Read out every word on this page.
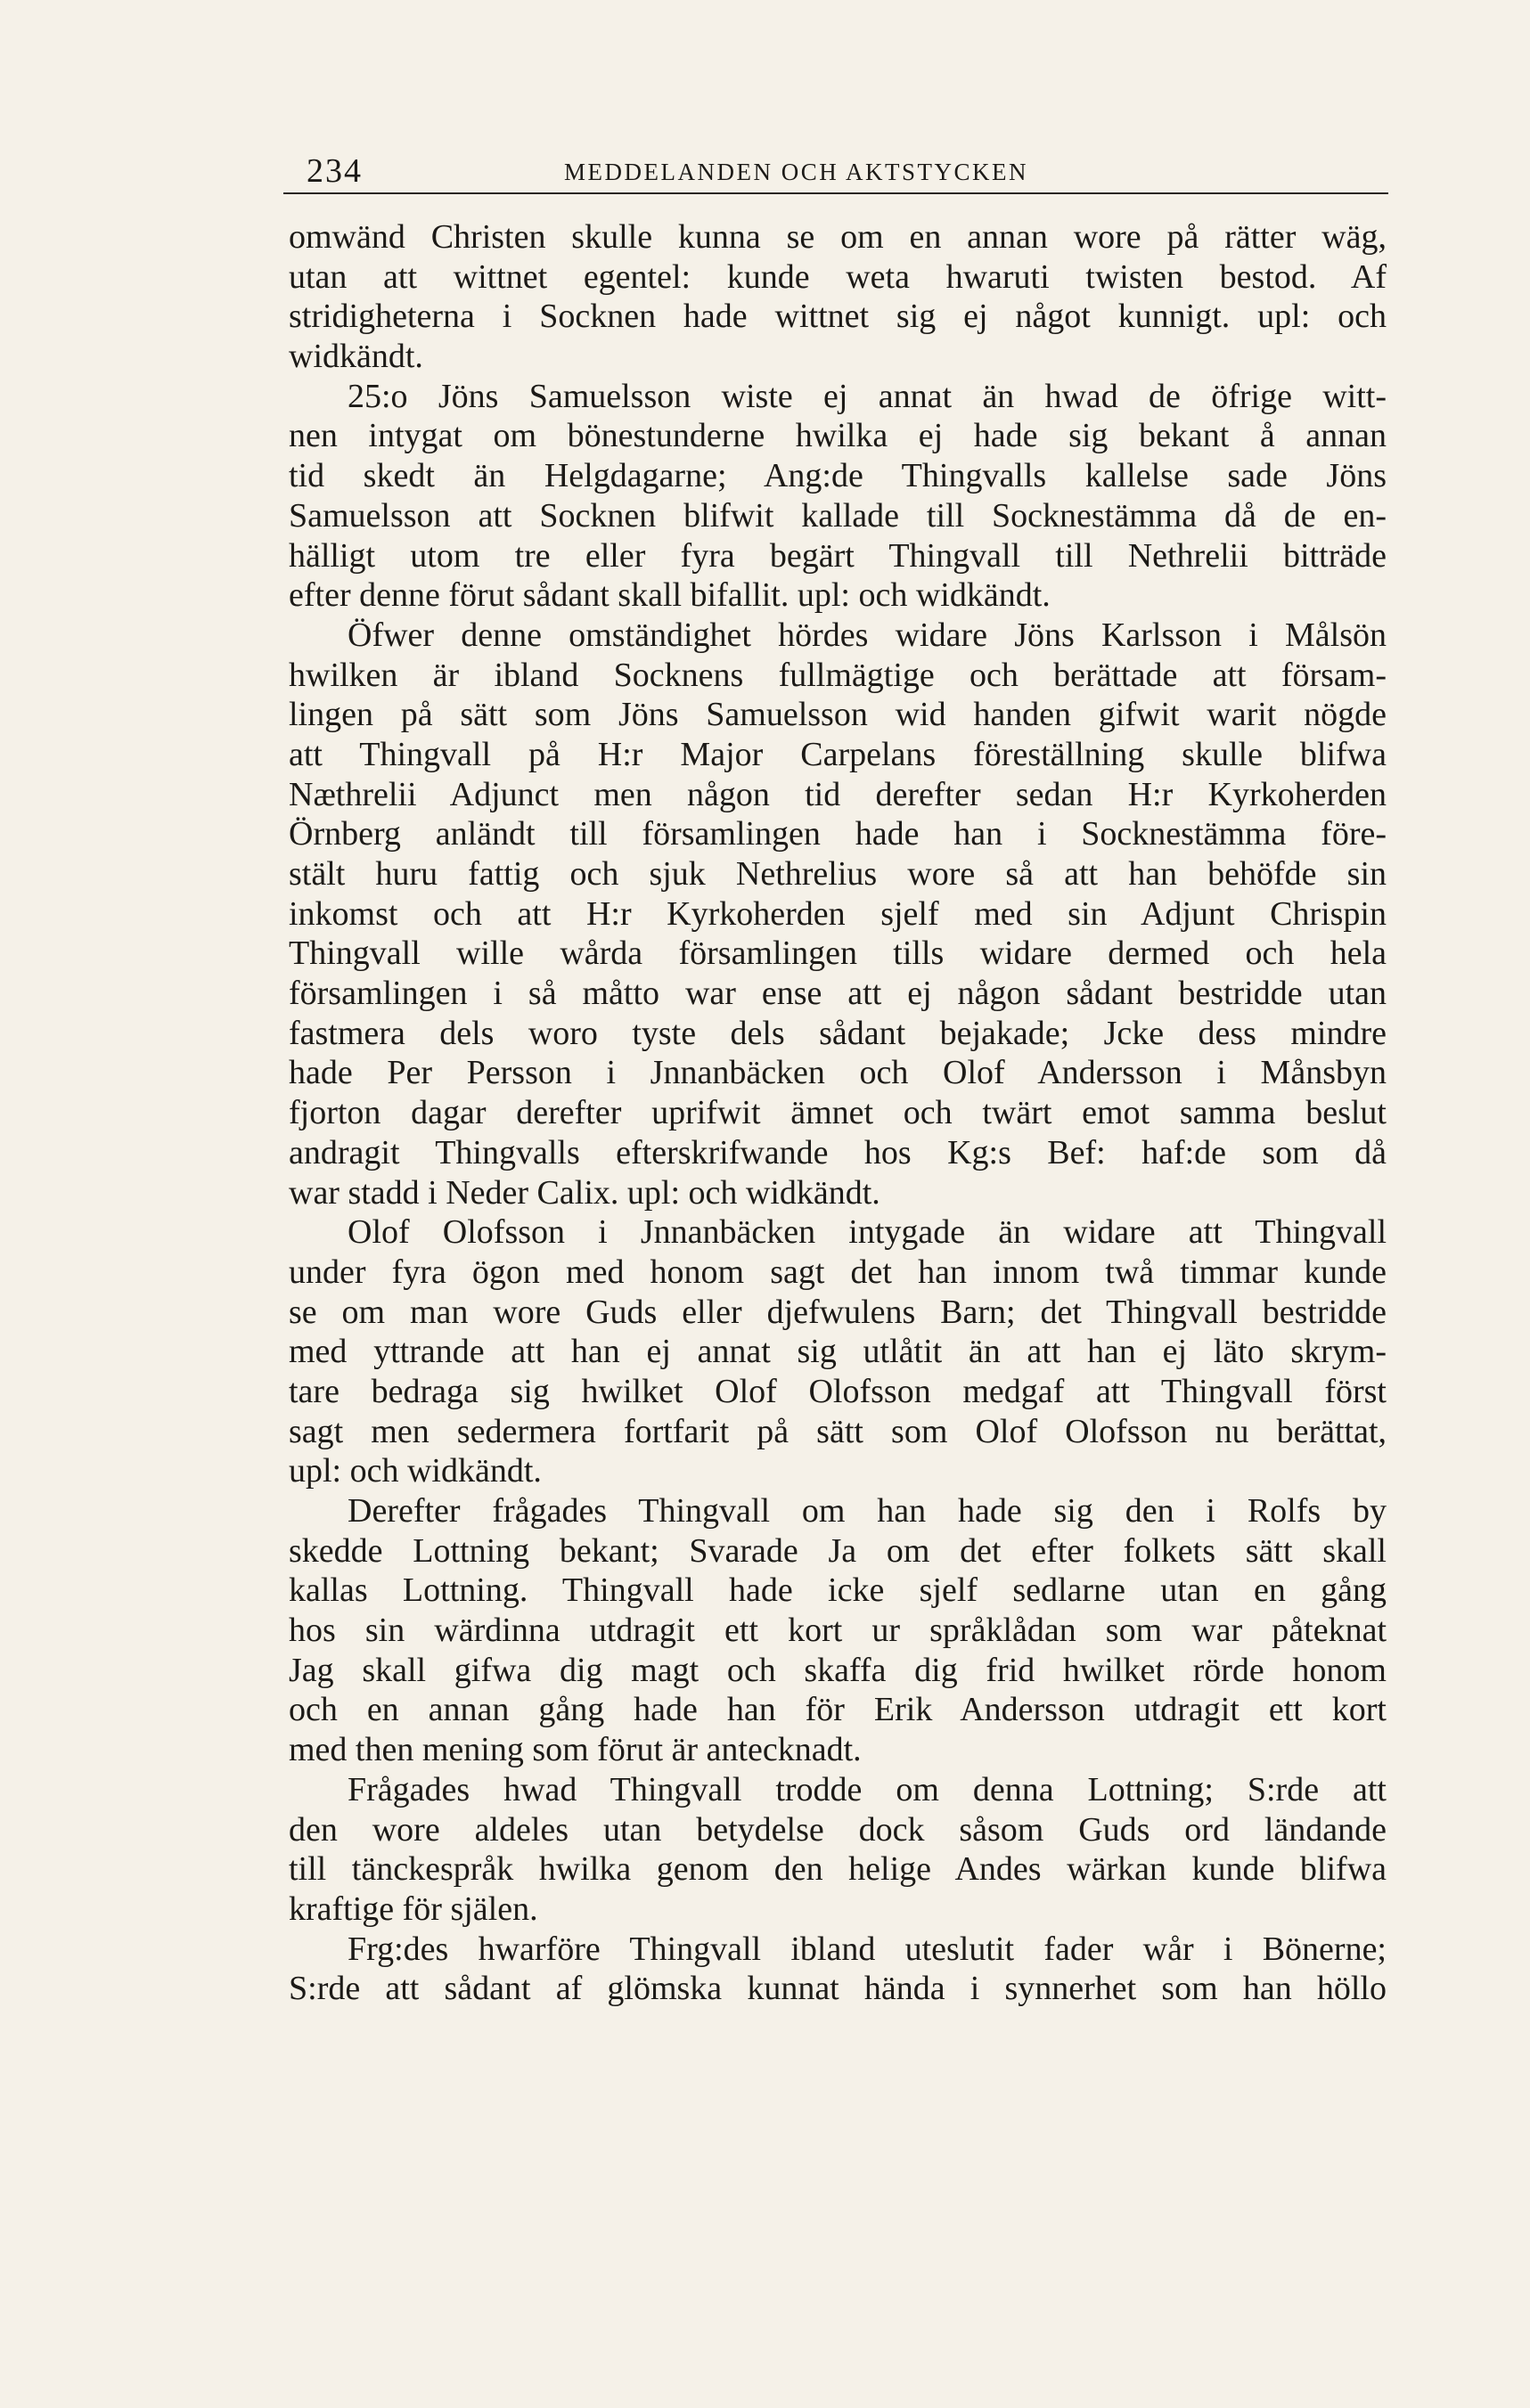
234	MEDDELANDEN OCH AKTSTYCKEN
omwänd Christen skulle kunna se om en annan wore på rätter wäg,
utan att wittnet egentel: kunde weta hwaruti twisten bestod. Af
stridigheterna i Socknen hade wittnet sig ej något kunnigt. upl: och
widkändt.
25:o Jöns Samuelsson wiste ej annat än hwad de öfrige witt-
nen intygat om bönestunderne hwilka ej hade sig bekant å annan
tid skedt än Helgdagarne; Ang:de Thingvalls kallelse sade Jöns
Samuelsson att Socknen blifwit kallade till Socknestämma då de en-
hälligt utom tre eller fyra begärt Thingvall till Nethrelii bitträde
efter denne förut sådant skall bifallit. upl: och widkändt.
Öfwer denne omständighet hördes widare Jöns Karlsson i Målsön
hwilken är ibland Socknens fullmägtige och berättade att försam-
lingen på sätt som Jöns Samuelsson wid handen gifwit warit nögde
att Thingvall på H:r Major Carpelans föreställning skulle blifwa
Næthrelii Adjunct men någon tid derefter sedan H:r Kyrkoherden
Örnberg anländt till församlingen hade han i Socknestämma före-
stält huru fattig och sjuk Nethrelius wore så att han behöfde sin
inkomst och att H:r Kyrkoherden sjelf med sin Adjunt Chrispin
Thingvall wille wårda församlingen tills widare dermed och hela
församlingen i så måtto war ense att ej någon sådant bestridde utan
fastmera dels woro tyste dels sådant bejakade; Jcke dess mindre
hade Per Persson i Jnnanbäcken och Olof Andersson i Månsbyn
fjorton dagar derefter uprifwit ämnet och twärt emot samma beslut
andragit Thingvalls efterskrifwande hos Kg:s Bef: haf:de som då
war stadd i Neder Calix. upl: och widkändt.
Olof Olofsson i Jnnanbäcken intygade än widare att Thingvall
under fyra ögon med honom sagt det han innom twå timmar kunde
se om man wore Guds eller djefwulens Barn; det Thingvall bestridde
med yttrande att han ej annat sig utlåtit än att han ej läto skrym-
tare bedraga sig hwilket Olof Olofsson medgaf att Thingvall först
sagt men sedermera fortfarit på sätt som Olof Olofsson nu berättat,
upl: och widkändt.
Derefter frågades Thingvall om han hade sig den i Rolfs by
skedde Lottning bekant; Svarade Ja om det efter folkets sätt skall
kallas Lottning. Thingvall hade icke sjelf sedlarne utan en gång
hos sin wärdinna utdragit ett kort ur språklådan som war påteknat
Jag skall gifwa dig magt och skaffa dig frid hwilket rörde honom
och en annan gång hade han för Erik Andersson utdragit ett kort
med then mening som förut är antecknadt.
Frågades hwad Thingvall trodde om denna Lottning; S:rde att
den wore aldeles utan betydelse dock såsom Guds ord ländande
till tänckespråk hwilka genom den helige Andes wärkan kunde blifwa
kraftige för själen.
Frg:des hwarföre Thingvall ibland uteslutit fader wår i Bönerne;
S:rde att sådant af glömska kunnat hända i synnerhet som han höllo
